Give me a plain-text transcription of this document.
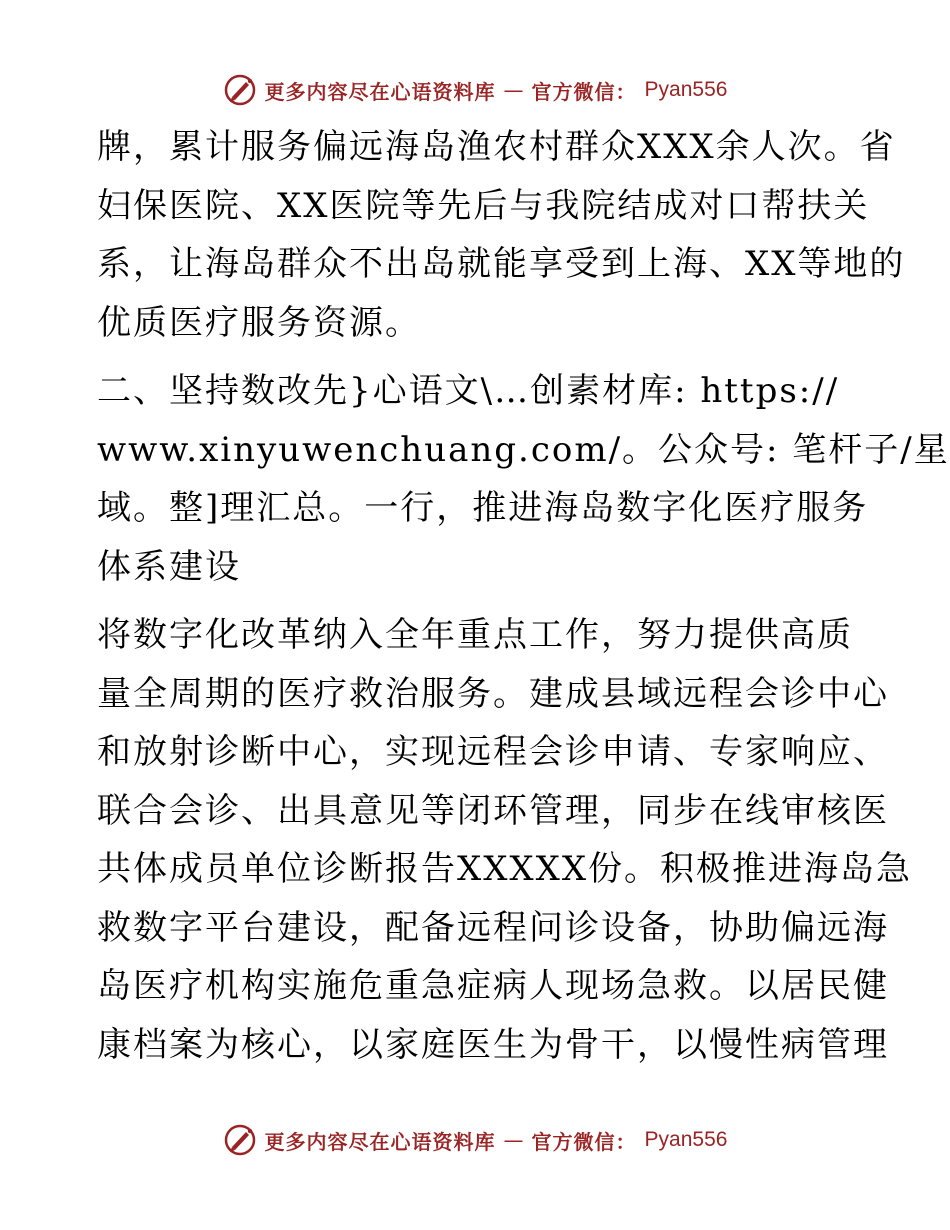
更多内容尽在心语资料库 — 官方微信： Pyan556
牌，累计服务偏远海岛渔农村群众XXX余人次。省
妇保医院、XX医院等先后与我院结成对口帮扶关
系，让海岛群众不出岛就能享受到上海、XX等地的
优质医疗服务资源。
二、坚持数改先}心语文\…创素材库: https://
www.xinyuwenchuang.com/。公众号: 笔杆子/星
域。整]理汇总。一行，推进海岛数字化医疗服务
体系建设
将数字化改革纳入全年重点工作，努力提供高质
量全周期的医疗救治服务。建成县域远程会诊中心
和放射诊断中心，实现远程会诊申请、专家响应、
联合会诊、出具意见等闭环管理，同步在线审核医
共体成员单位诊断报告XXXXX份。积极推进海岛急
救数字平台建设，配备远程问诊设备，协助偏远海
岛医疗机构实施危重急症病人现场急救。以居民健
康档案为核心，以家庭医生为骨干，以慢性病管理
更多内容尽在心语资料库 — 官方微信： Pyan556
